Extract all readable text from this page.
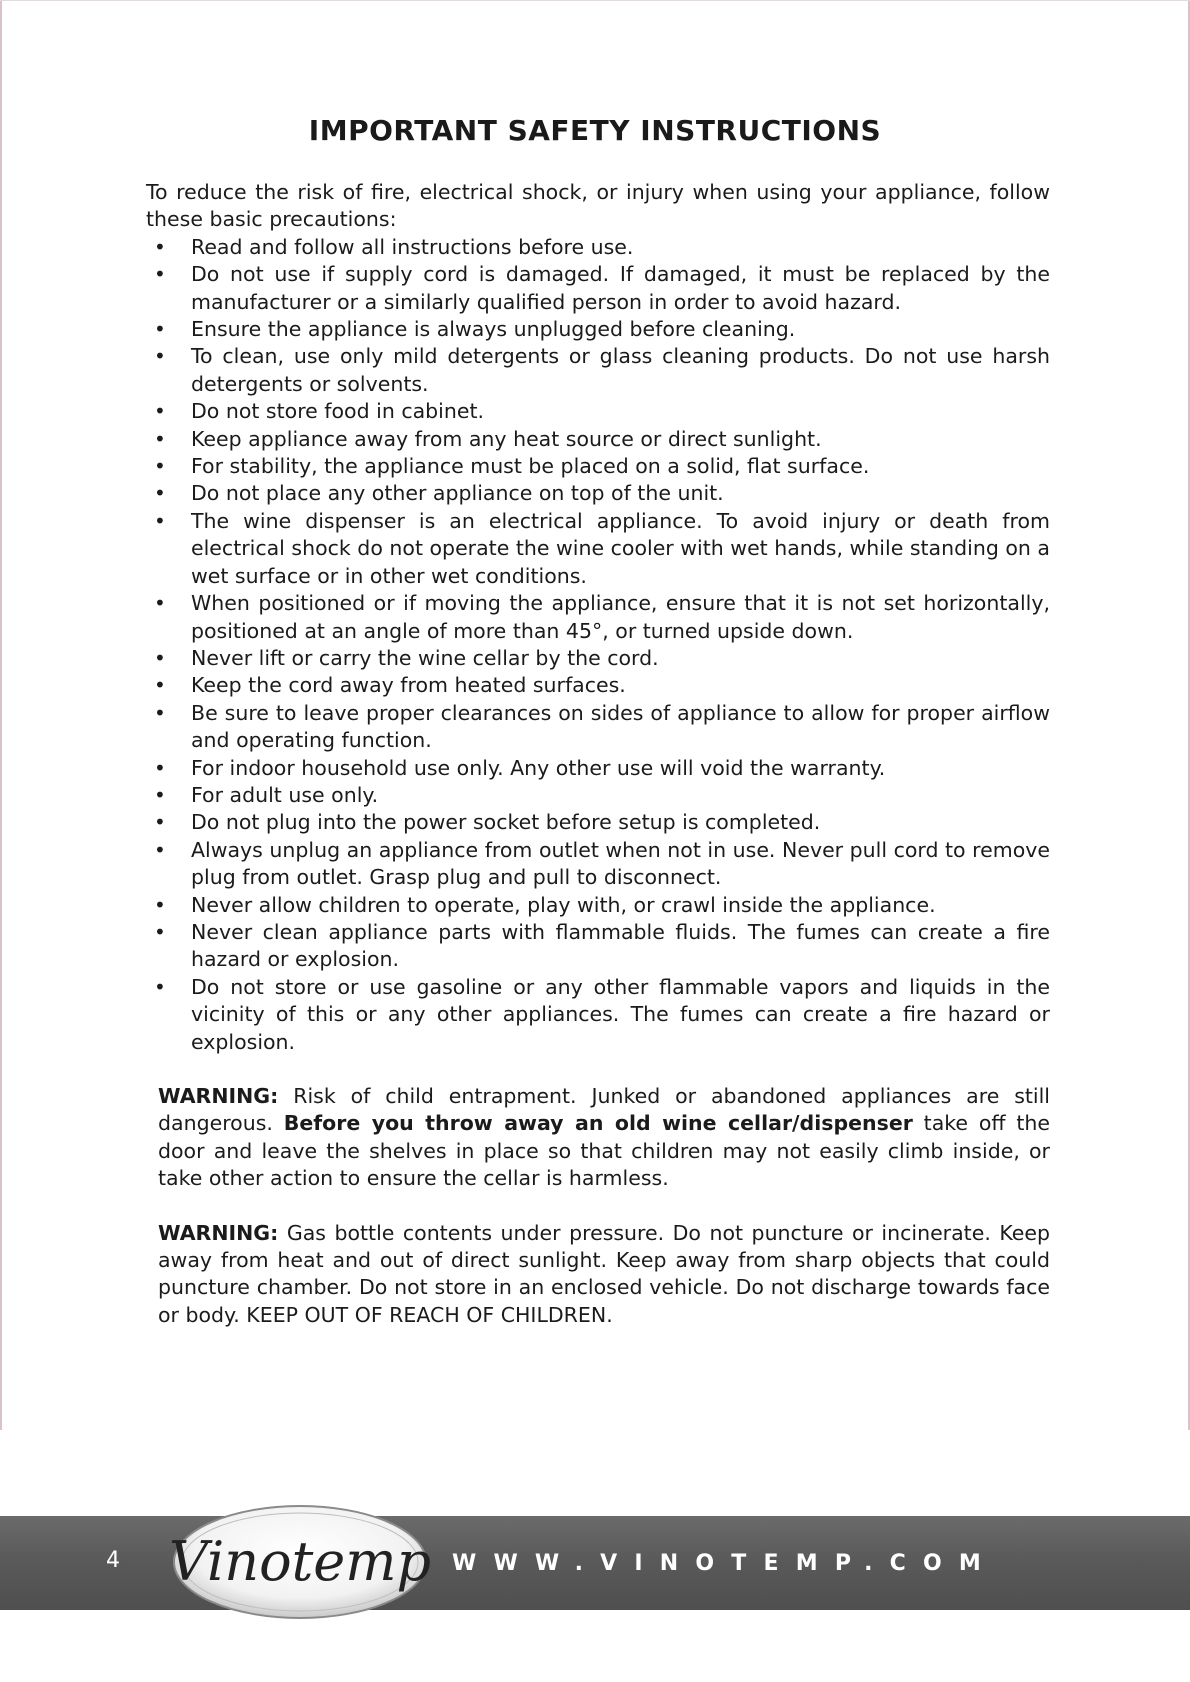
IMPORTANT SAFETY INSTRUCTIONS

To reduce the risk of fire, electrical shock, or injury when using your appliance, follow these basic precautions:

• Read and follow all instructions before use.
• Do not use if supply cord is damaged. If damaged, it must be replaced by the manufacturer or a similarly qualified person in order to avoid hazard.
• Ensure the appliance is always unplugged before cleaning.
• To clean, use only mild detergents or glass cleaning products. Do not use harsh detergents or solvents.
• Do not store food in cabinet.
• Keep appliance away from any heat source or direct sunlight.
• For stability, the appliance must be placed on a solid, flat surface.
• Do not place any other appliance on top of the unit.
• The wine dispenser is an electrical appliance. To avoid injury or death from electrical shock do not operate the wine cooler with wet hands, while standing on a wet surface or in other wet conditions.
• When positioned or if moving the appliance, ensure that it is not set horizontally, positioned at an angle of more than 45°, or turned upside down.
• Never lift or carry the wine cellar by the cord.
• Keep the cord away from heated surfaces.
• Be sure to leave proper clearances on sides of appliance to allow for proper airflow and operating function.
• For indoor household use only. Any other use will void the warranty.
• For adult use only.
• Do not plug into the power socket before setup is completed.
• Always unplug an appliance from outlet when not in use. Never pull cord to remove plug from outlet. Grasp plug and pull to disconnect.
• Never allow children to operate, play with, or crawl inside the appliance.
• Never clean appliance parts with flammable fluids. The fumes can create a fire hazard or explosion.
• Do not store or use gasoline or any other flammable vapors and liquids in the vicinity of this or any other appliances. The fumes can create a fire hazard or explosion.

WARNING: Risk of child entrapment. Junked or abandoned appliances are still dangerous. Before you throw away an old wine cellar/dispenser take off the door and leave the shelves in place so that children may not easily climb inside, or take other action to ensure the cellar is harmless.

WARNING: Gas bottle contents under pressure. Do not puncture or incinerate. Keep away from heat and out of direct sunlight. Keep away from sharp objects that could puncture chamber. Do not store in an enclosed vehicle. Do not discharge towards face or body. KEEP OUT OF REACH OF CHILDREN.

4 Vinotemp WWW.VINOTEMP.COM
